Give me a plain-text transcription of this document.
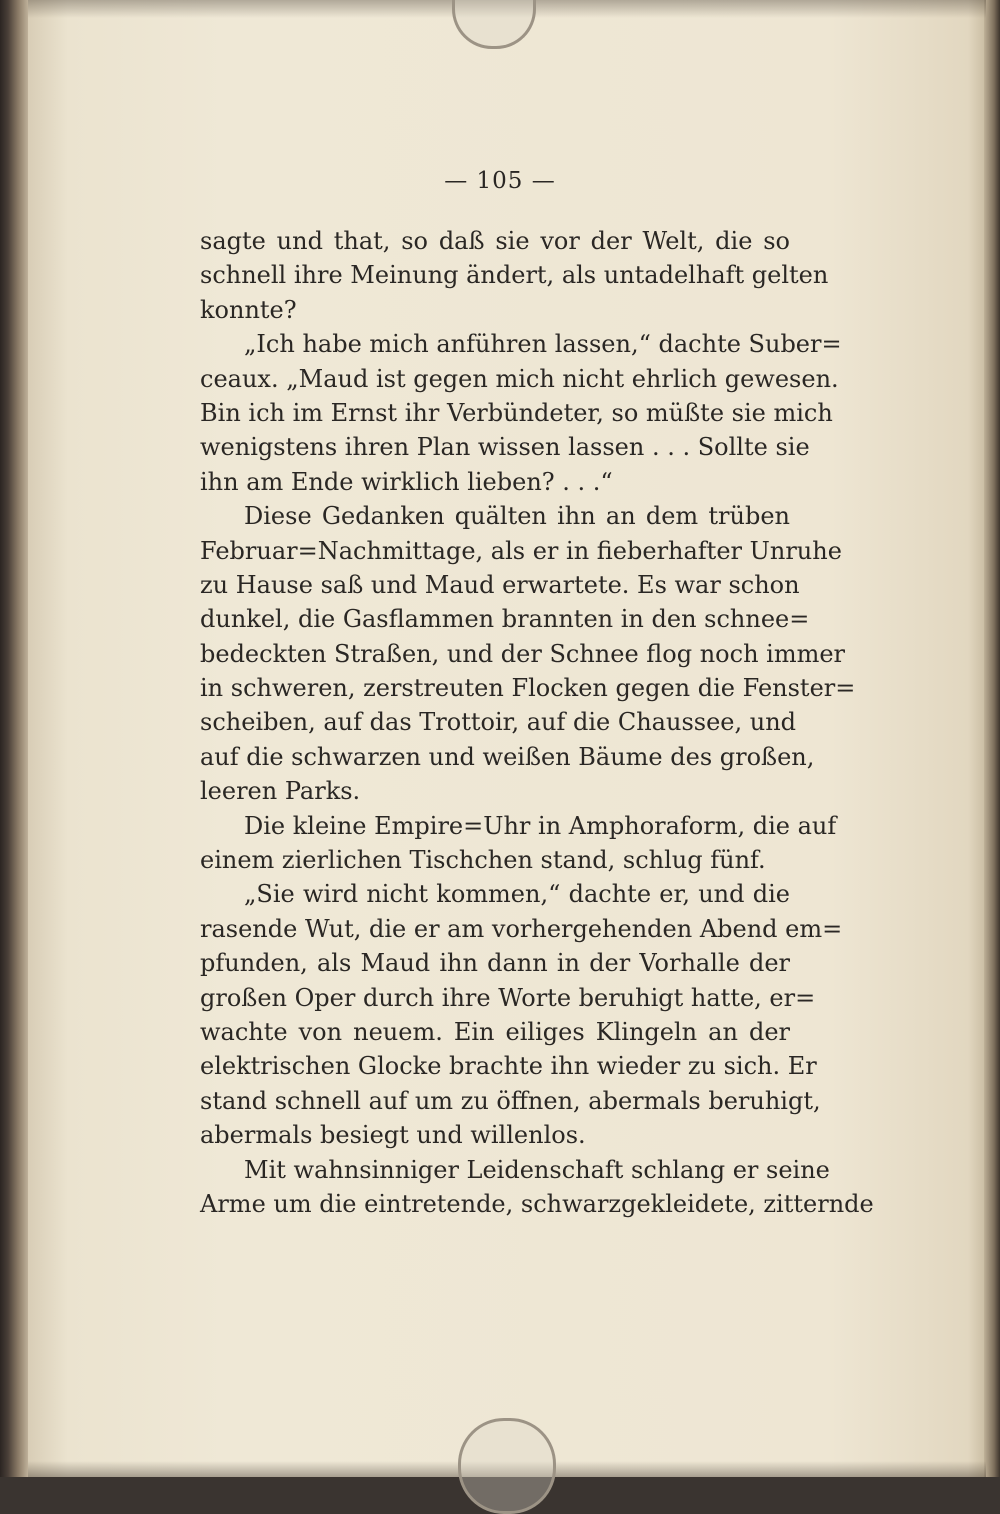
— 105 —
sagte und that, so daß sie vor der Welt, die so
schnell ihre Meinung ändert, als untadelhaft gelten
konnte?
„Ich habe mich anführen lassen,“ dachte Suber=
ceaux. „Maud ist gegen mich nicht ehrlich gewesen.
Bin ich im Ernst ihr Verbündeter, so müßte sie mich
wenigstens ihren Plan wissen lassen . . . Sollte sie
ihn am Ende wirklich lieben? . . .“
Diese Gedanken quälten ihn an dem trüben
Februar=Nachmittage, als er in fieberhafter Unruhe
zu Hause saß und Maud erwartete. Es war schon
dunkel, die Gasflammen brannten in den schnee=
bedeckten Straßen, und der Schnee flog noch immer
in schweren, zerstreuten Flocken gegen die Fenster=
scheiben, auf das Trottoir, auf die Chaussee, und
auf die schwarzen und weißen Bäume des großen,
leeren Parks.
Die kleine Empire=Uhr in Amphoraform, die auf
einem zierlichen Tischchen stand, schlug fünf.
„Sie wird nicht kommen,“ dachte er, und die
rasende Wut, die er am vorhergehenden Abend em=
pfunden, als Maud ihn dann in der Vorhalle der
großen Oper durch ihre Worte beruhigt hatte, er=
wachte von neuem. Ein eiliges Klingeln an der
elektrischen Glocke brachte ihn wieder zu sich. Er
stand schnell auf um zu öffnen, abermals beruhigt,
abermals besiegt und willenlos.
Mit wahnsinniger Leidenschaft schlang er seine
Arme um die eintretende, schwarzgekleidete, zitternde
